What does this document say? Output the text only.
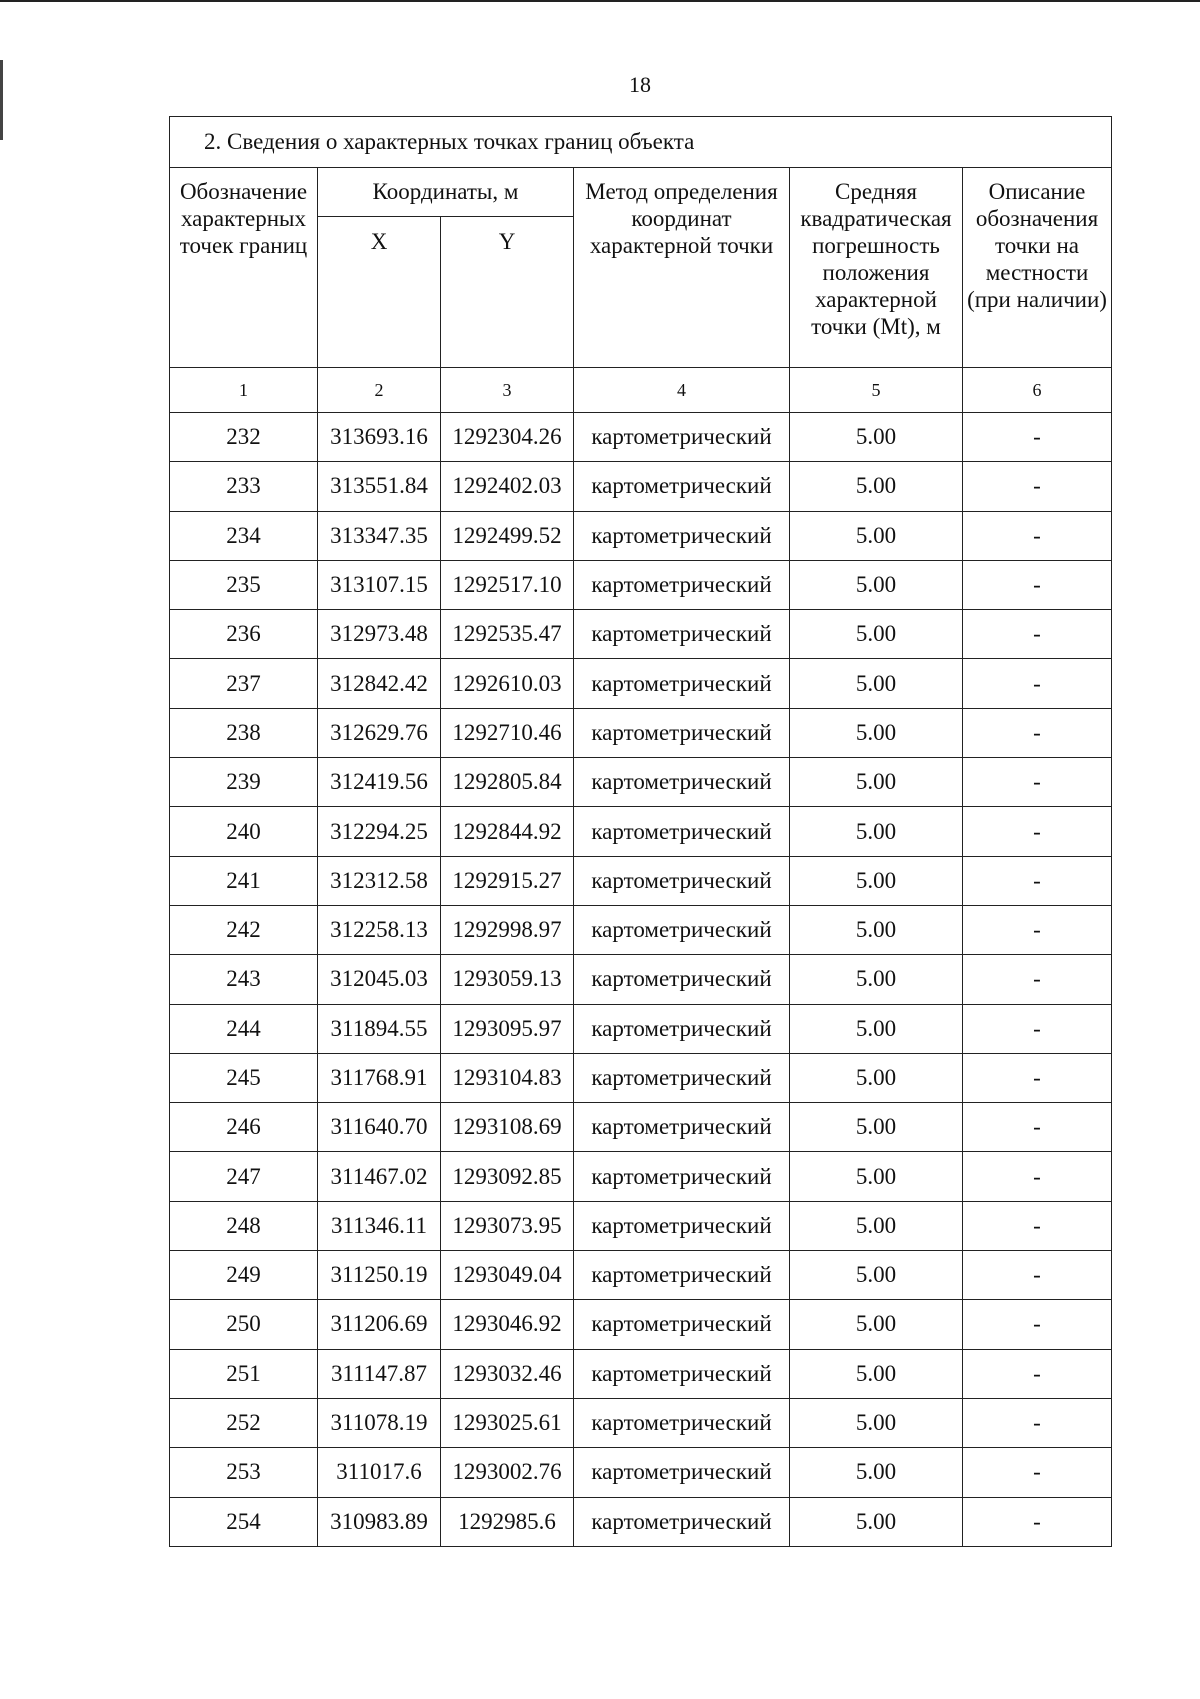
18
2. Сведения о характерных точках границ объекта					
Обозначение характерных точек границ	Координаты, м		Метод определения координат характерной точки	Средняя квадратическая погрешность положения характерной точки (Mt), м	Описание обозначения точки на местности (при наличии)
	X	Y			
1	2	3	4	5	6
232	313693.16	1292304.26	картометрический	5.00	-
233	313551.84	1292402.03	картометрический	5.00	-
234	313347.35	1292499.52	картометрический	5.00	-
235	313107.15	1292517.10	картометрический	5.00	-
236	312973.48	1292535.47	картометрический	5.00	-
237	312842.42	1292610.03	картометрический	5.00	-
238	312629.76	1292710.46	картометрический	5.00	-
239	312419.56	1292805.84	картометрический	5.00	-
240	312294.25	1292844.92	картометрический	5.00	-
241	312312.58	1292915.27	картометрический	5.00	-
242	312258.13	1292998.97	картометрический	5.00	-
243	312045.03	1293059.13	картометрический	5.00	-
244	311894.55	1293095.97	картометрический	5.00	-
245	311768.91	1293104.83	картометрический	5.00	-
246	311640.70	1293108.69	картометрический	5.00	-
247	311467.02	1293092.85	картометрический	5.00	-
248	311346.11	1293073.95	картометрический	5.00	-
249	311250.19	1293049.04	картометрический	5.00	-
250	311206.69	1293046.92	картометрический	5.00	-
251	311147.87	1293032.46	картометрический	5.00	-
252	311078.19	1293025.61	картометрический	5.00	-
253	311017.6	1293002.76	картометрический	5.00	-
254	310983.89	1292985.6	картометрический	5.00	-
